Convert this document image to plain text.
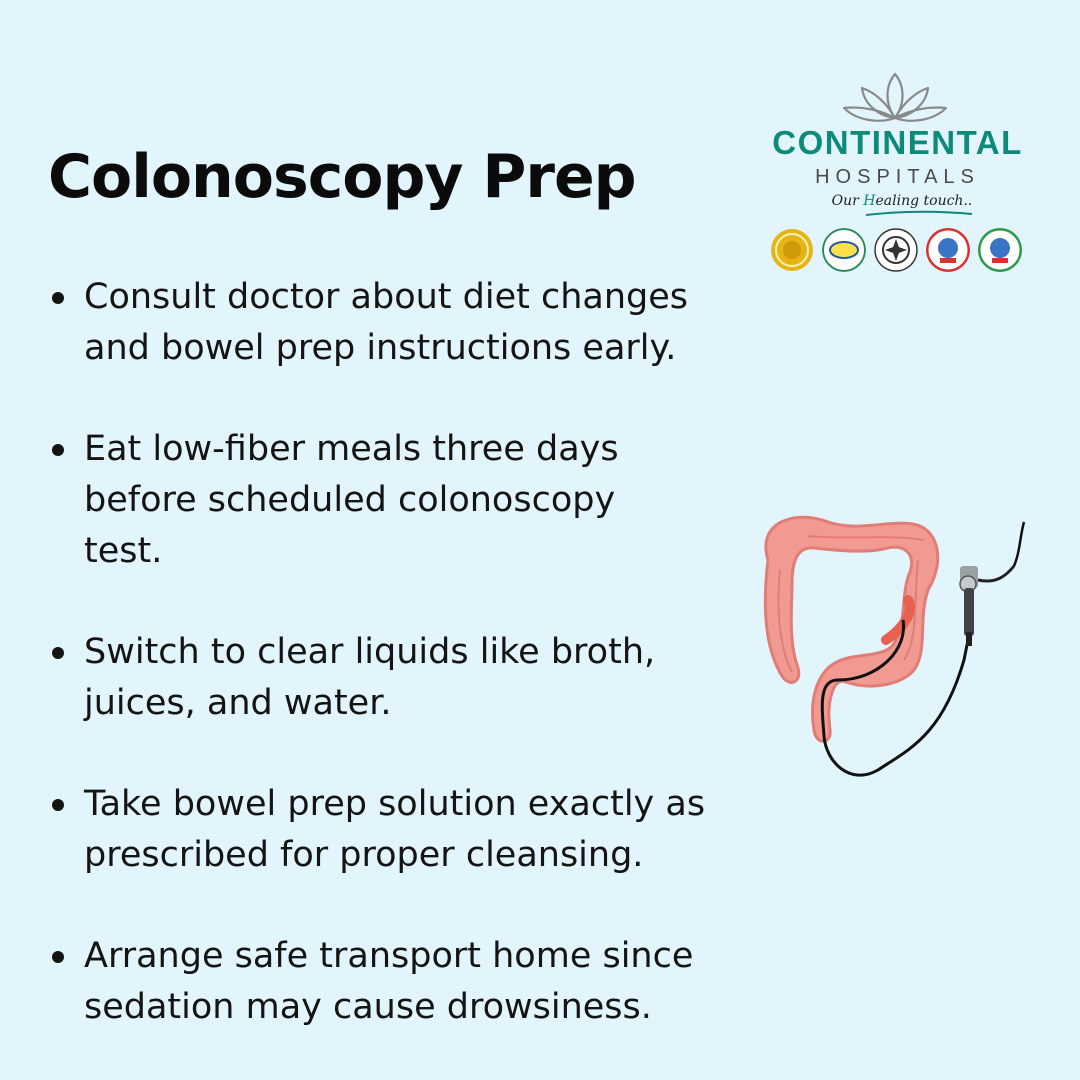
Colonoscopy Prep
Consult doctor about diet changes
and bowel prep instructions early.
Eat low-fiber meals three days
before scheduled colonoscopy
test.
Switch to clear liquids like broth,
juices, and water.
Take bowel prep solution exactly as
prescribed for proper cleansing.
Arrange safe transport home since
sedation may cause drowsiness.
CONTINENTAL
HOSPITALS
Our Healing touch..
